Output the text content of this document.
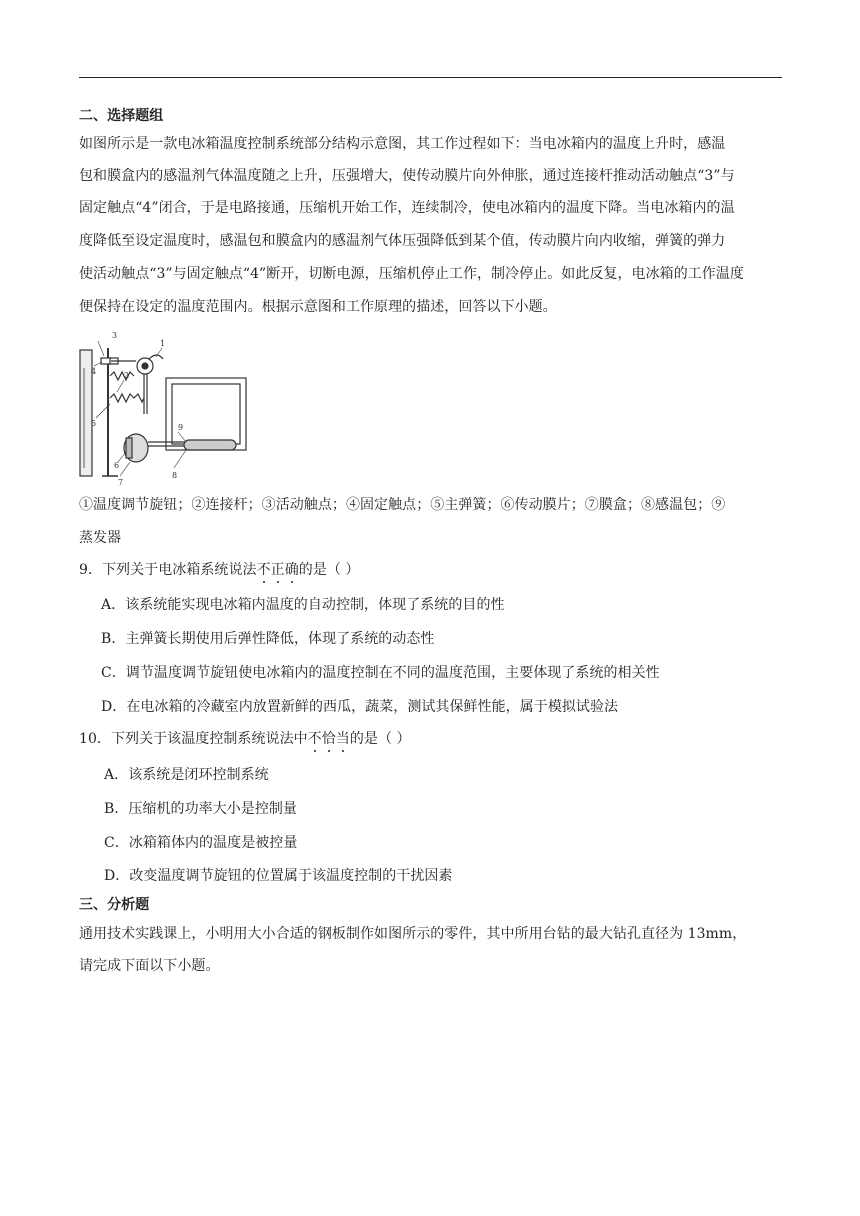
二、选择题组
如图所示是一款电冰箱温度控制系统部分结构示意图，其工作过程如下：当电冰箱内的温度上升时，感温
包和膜盒内的感温剂气体温度随之上升，压强增大，使传动膜片向外伸胀，通过连接杆推动活动触点“3”与
固定触点“4”闭合，于是电路接通，压缩机开始工作，连续制冷，使电冰箱内的温度下降。当电冰箱内的温
度降低至设定温度时，感温包和膜盒内的感温剂气体压强降低到某个值，传动膜片向内收缩，弹簧的弹力
使活动触点“3”与固定触点“4”断开，切断电源，压缩机停止工作，制冷停止。如此反复，电冰箱的工作温度
便保持在设定的温度范围内。根据示意图和工作原理的描述，回答以下小题。
1
2
3
4
5
6
7
8
9
①温度调节旋钮；②连接杆；③活动触点；④固定触点；⑤主弹簧；⑥传动膜片；⑦膜盒；⑧感温包；⑨
蒸发器
9．下列关于电冰箱系统说法不正确的是（ ）
A．该系统能实现电冰箱内温度的自动控制，体现了系统的目的性
B．主弹簧长期使用后弹性降低，体现了系统的动态性
C．调节温度调节旋钮使电冰箱内的温度控制在不同的温度范围，主要体现了系统的相关性
D．在电冰箱的冷藏室内放置新鲜的西瓜，蔬菜，测试其保鲜性能，属于模拟试验法
10．下列关于该温度控制系统说法中不恰当的是（ ）
A．该系统是闭环控制系统
B．压缩机的功率大小是控制量
C．冰箱箱体内的温度是被控量
D．改变温度调节旋钮的位置属于该温度控制的干扰因素
三、分析题
通用技术实践课上，小明用大小合适的钢板制作如图所示的零件，其中所用台钻的最大钻孔直径为 13mm，
请完成下面以下小题。
